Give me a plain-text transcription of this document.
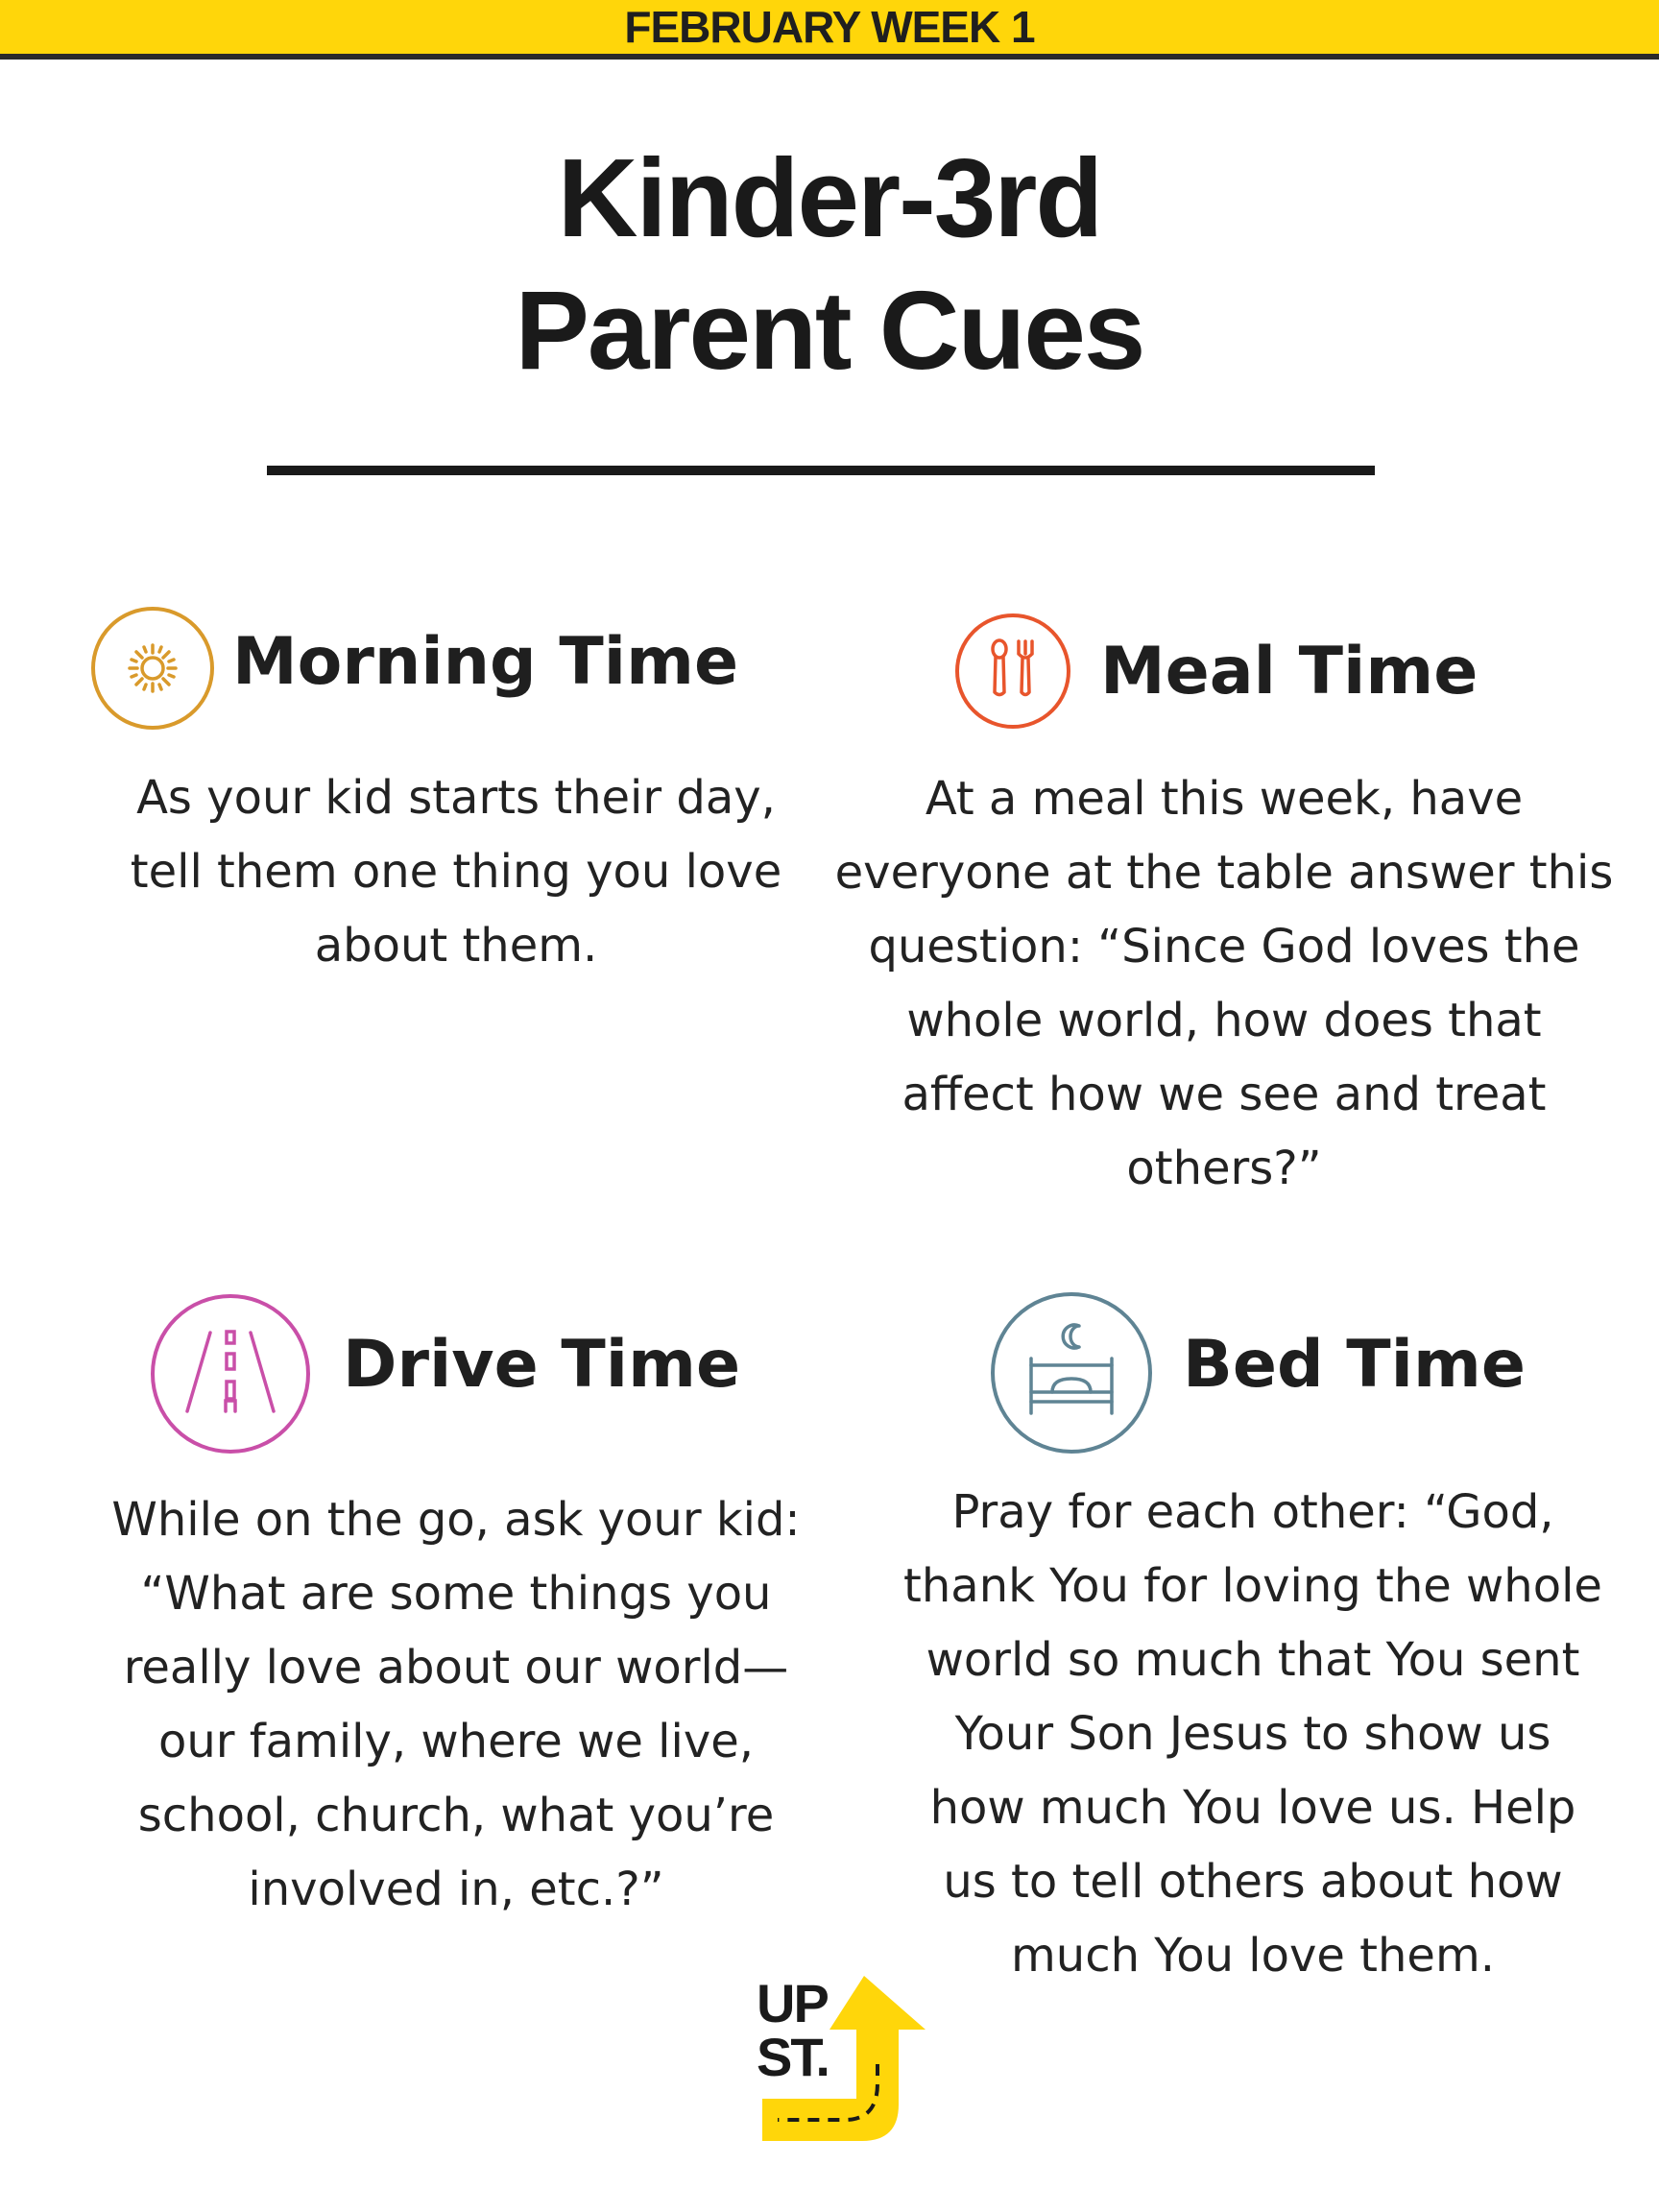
FEBRUARY WEEK 1
Kinder-3rd
Parent Cues
Morning Time
As your kid starts their day,
tell them one thing you love
about them.
Meal Time
At a meal this week, have
everyone at the table answer this
question: “Since God loves the
whole world, how does that
affect how we see and treat
others?”
Drive Time
While on the go, ask your kid:
“What are some things you
really love about our world—
our family, where we live,
school, church, what you’re
involved in, etc.?”
Bed Time
Pray for each other: “God,
thank You for loving the whole
world so much that You sent
Your Son Jesus to show us
how much You love us. Help
us to tell others about how
much You love them.
UP
ST.
